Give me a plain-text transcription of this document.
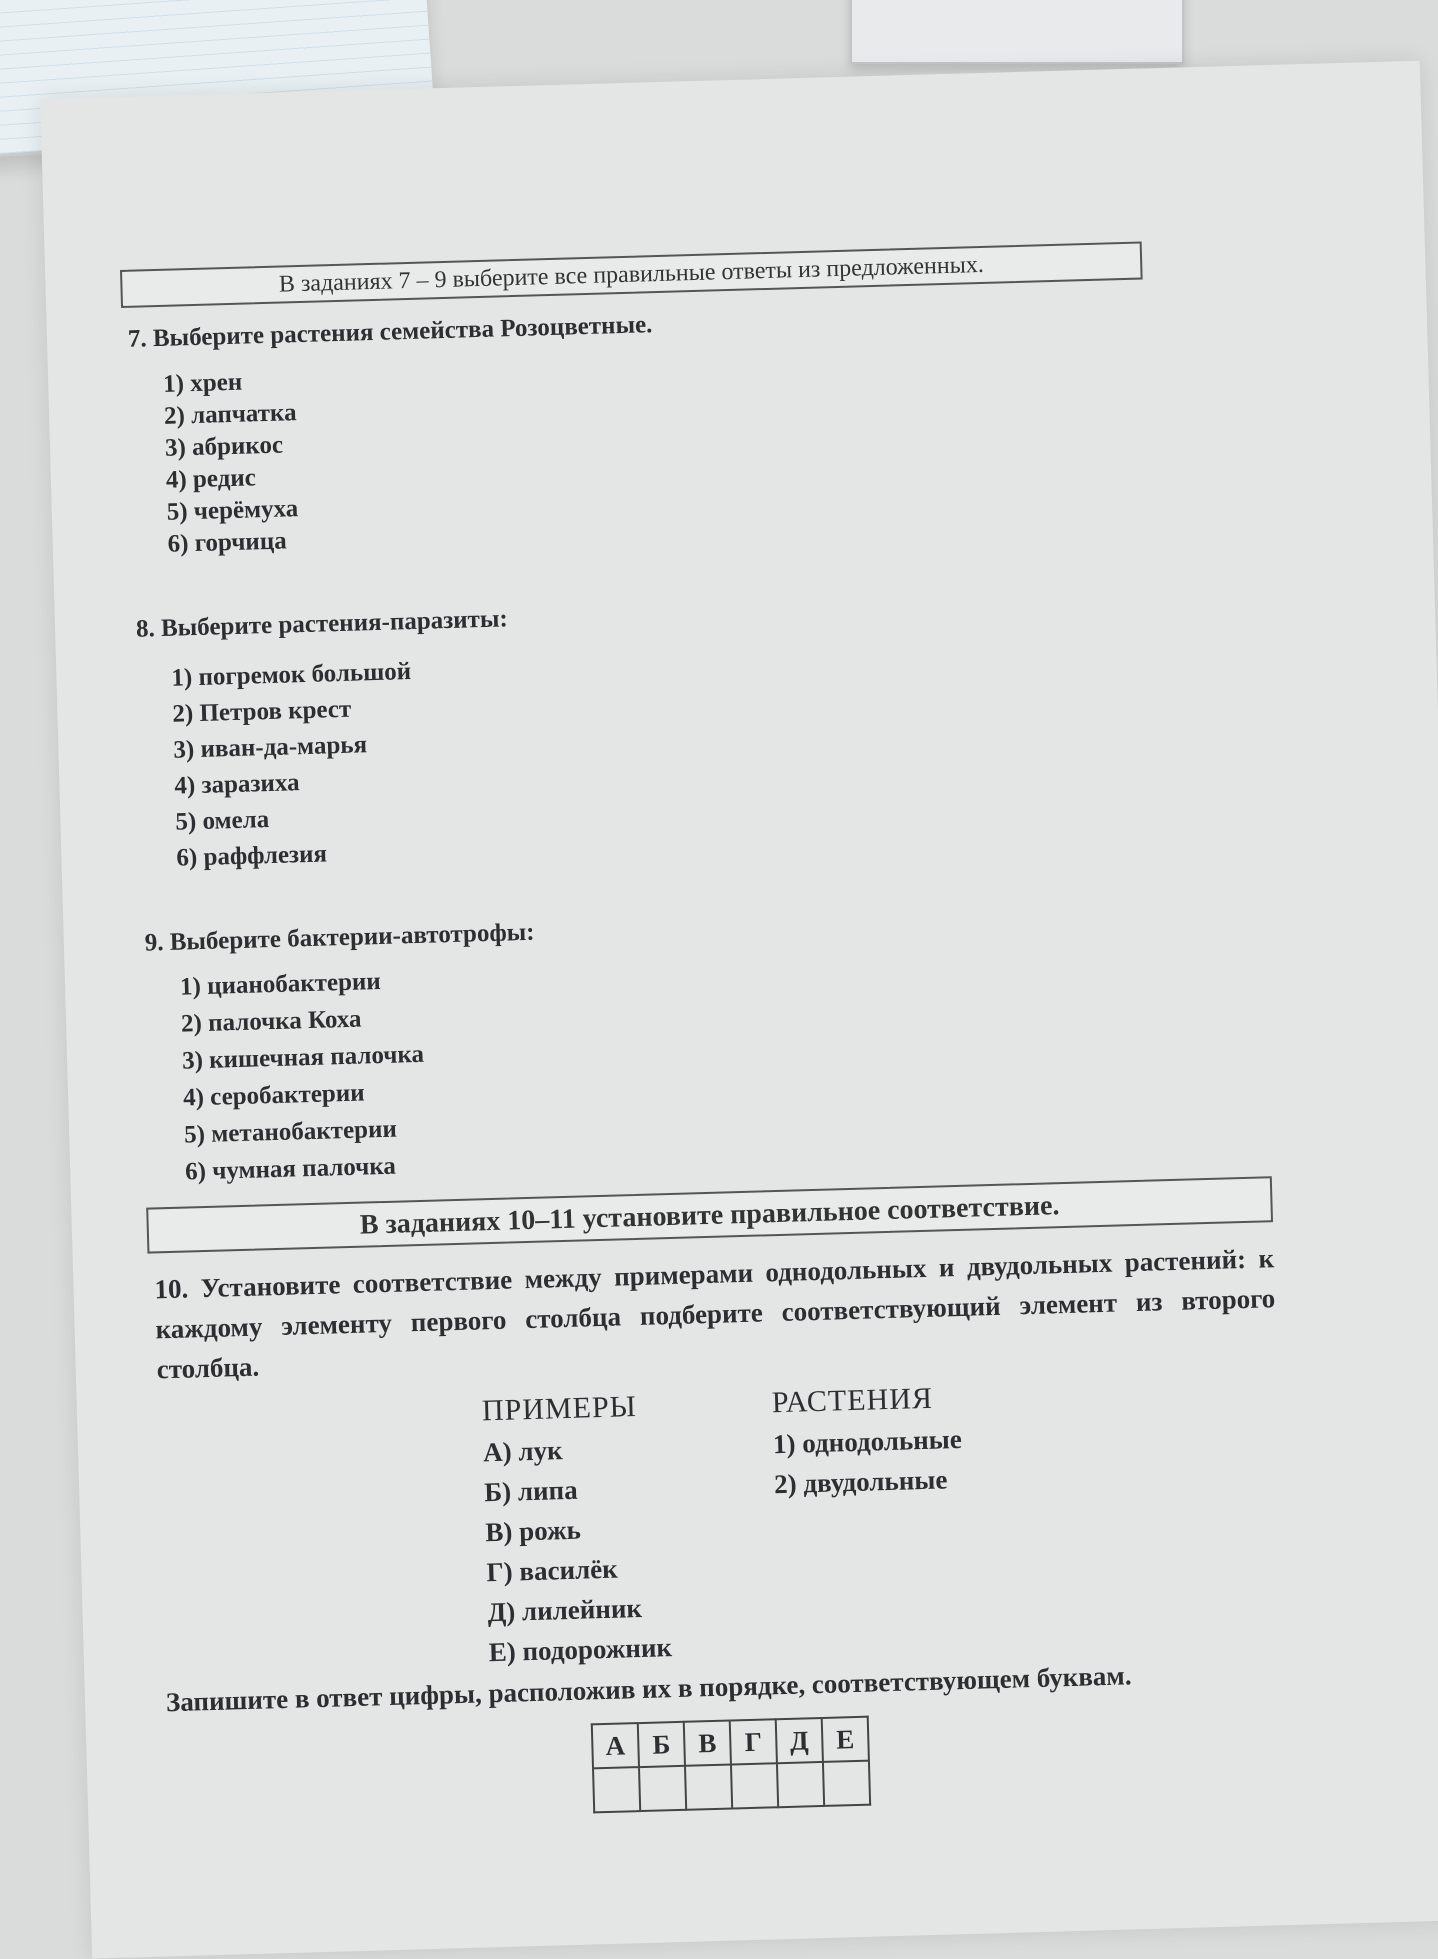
В заданиях 7 – 9 выберите все правильные ответы из предложенных.
7. Выберите растения семейства Розоцветные.
1) хрен
2) лапчатка
3) абрикос
4) редис
5) черёмуха
6) горчица
8. Выберите растения-паразиты:
1) погремок большой
2) Петров крест
3) иван-да-марья
4) заразиха
5) омела
6) раффлезия
9. Выберите бактерии-автотрофы:
1) цианобактерии
2) палочка Коха
3) кишечная палочка
4) серобактерии
5) метанобактерии
6) чумная палочка
В заданиях 10–11 установите правильное соответствие.
10. Установите соответствие между примерами однодольных и двудольных растений: к каждому элементу первого столбца подберите соответствующий элемент из второго столбца.
ПРИМЕРЫ
А) лук
Б) липа
В) рожь
Г) василёк
Д) лилейник
Е) подорожник
РАСТЕНИЯ
1) однодольные
2) двудольные
Запишите в ответ цифры, расположив их в порядке, соответствующем буквам.
А	Б	В	Г	Д	Е
